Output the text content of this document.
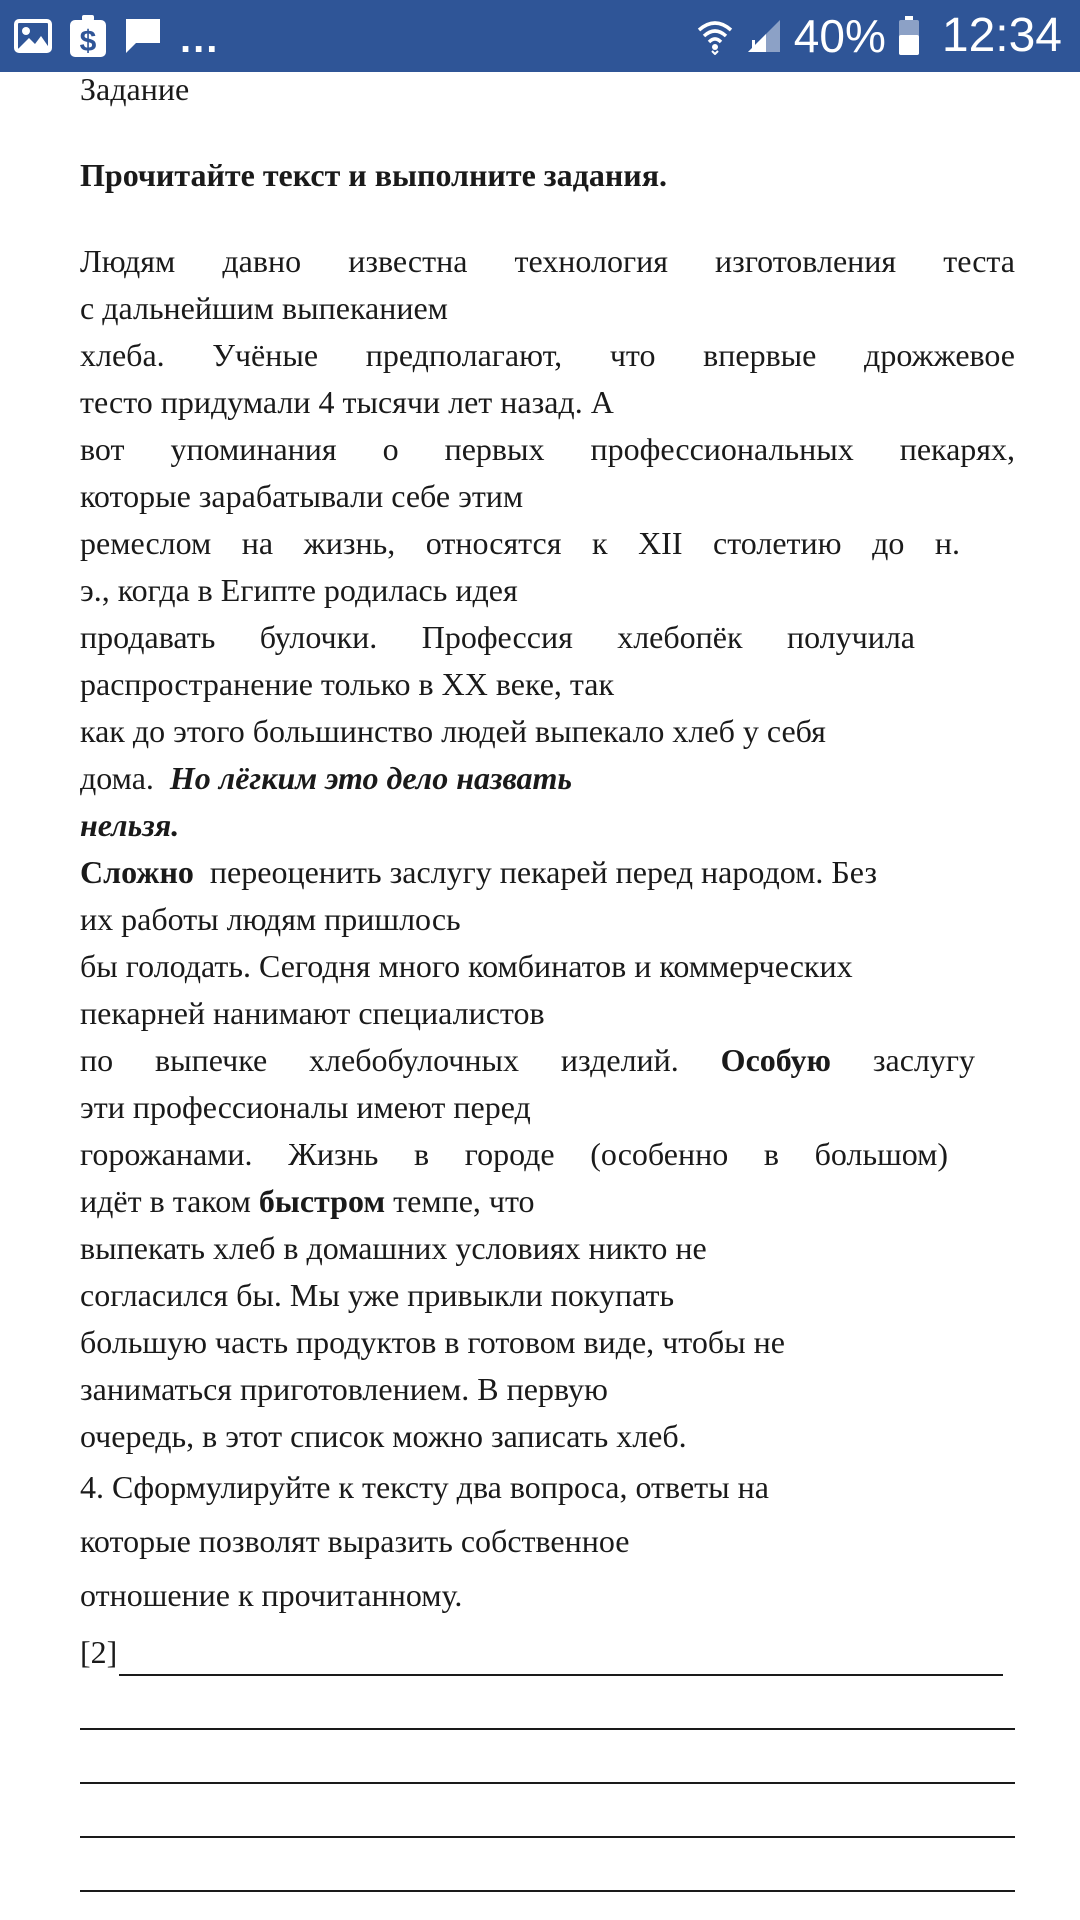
$ ...	40% 12:34

Задание

Прочитайте текст и выполните задания.

Людям давно известна технология изготовления теста

с дальнейшим выпеканием

хлеба. Учёные предполагают, что впервые дрожжевое

тесто придумали 4 тысячи лет назад. А

вот упоминания о первых профессиональных пекарях,

которые зарабатывали себе этим

ремеслом на жизнь, относятся к XII столетию до н.

э., когда в Египте родилась идея

продавать булочки. Профессия хлебопёк получила

распространение только в XX веке, так

как до этого большинство людей выпекало хлеб у себя

дома. Но лёгким это дело назвать

нельзя.

Сложно переоценить заслугу пекарей перед народом. Без

их работы людям пришлось

бы голодать. Сегодня много комбинатов и коммерческих

пекарней нанимают специалистов

по выпечке хлебобулочных изделий. Особую заслугу

эти профессионалы имеют перед

горожанами. Жизнь в городе (особенно в большом)

идёт в таком быстром темпе, что

выпекать хлеб в домашних условиях никто не

согласился бы. Мы уже привыкли покупать

большую часть продуктов в готовом виде, чтобы не

заниматься приготовлением. В первую

очередь, в этот список можно записать хлеб.

4. Сформулируйте к тексту два вопроса, ответы на

которые позволят выразить собственное

отношение к прочитанному.

[2]
